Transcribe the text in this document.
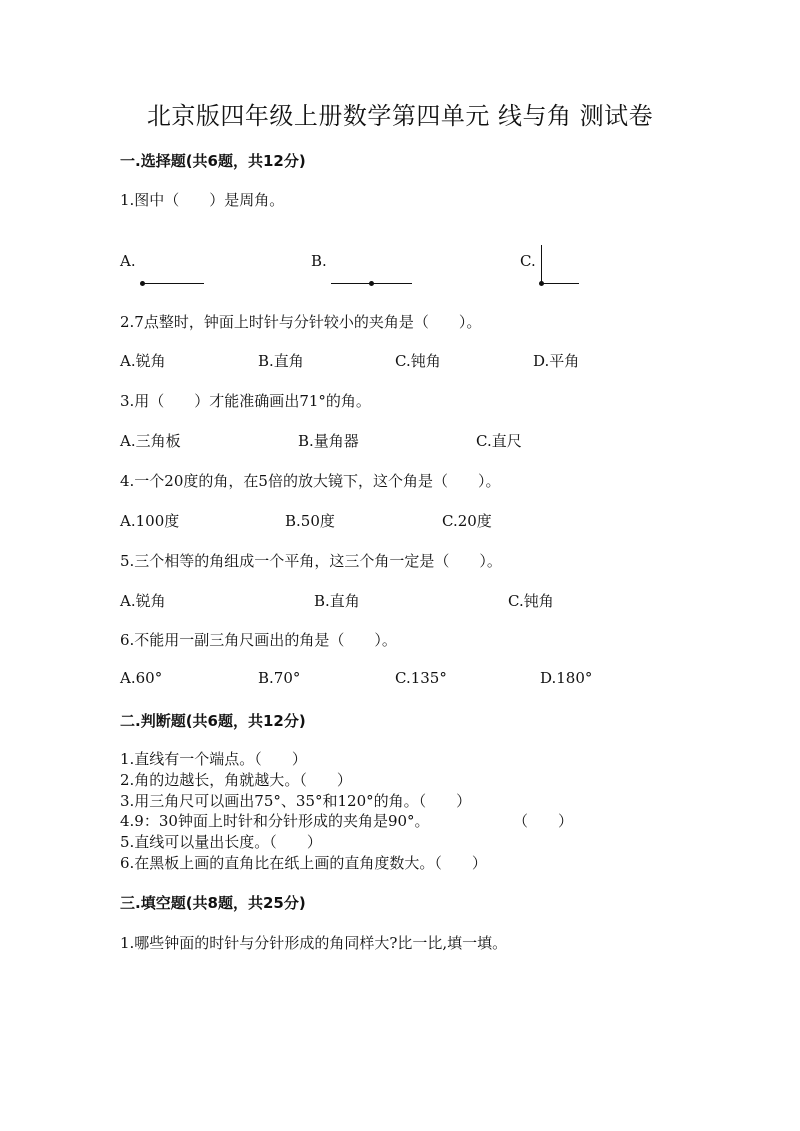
北京版四年级上册数学第四单元 线与角 测试卷
一.选择题(共6题，共12分)
1.图中（　　）是周角。
A.	B.	C.
2.7点整时，钟面上时针与分针较小的夹角是（　　）。
A.锐角	B.直角	C.钝角	D.平角
3.用（　　）才能准确画出71°的角。
A.三角板	B.量角器	C.直尺
4.一个20度的角，在5倍的放大镜下，这个角是（　　）。
A.100度	B.50度	C.20度
5.三个相等的角组成一个平角，这三个角一定是（　　）。
A.锐角	B.直角	C.钝角
6.不能用一副三角尺画出的角是（　　）。
A.60°	B.70°	C.135°	D.180°
二.判断题(共6题，共12分)
1.直线有一个端点。（　　）
2.角的边越长，角就越大。（　　）
3.用三角尺可以画出75°、35°和120°的角。（　　）
4.9：30钟面上时针和分针形成的夹角是90°。	（　　）
5.直线可以量出长度。（　　）
6.在黑板上画的直角比在纸上画的直角度数大。（　　）
三.填空题(共8题，共25分)
1.哪些钟面的时针与分针形成的角同样大?比一比,填一填。
